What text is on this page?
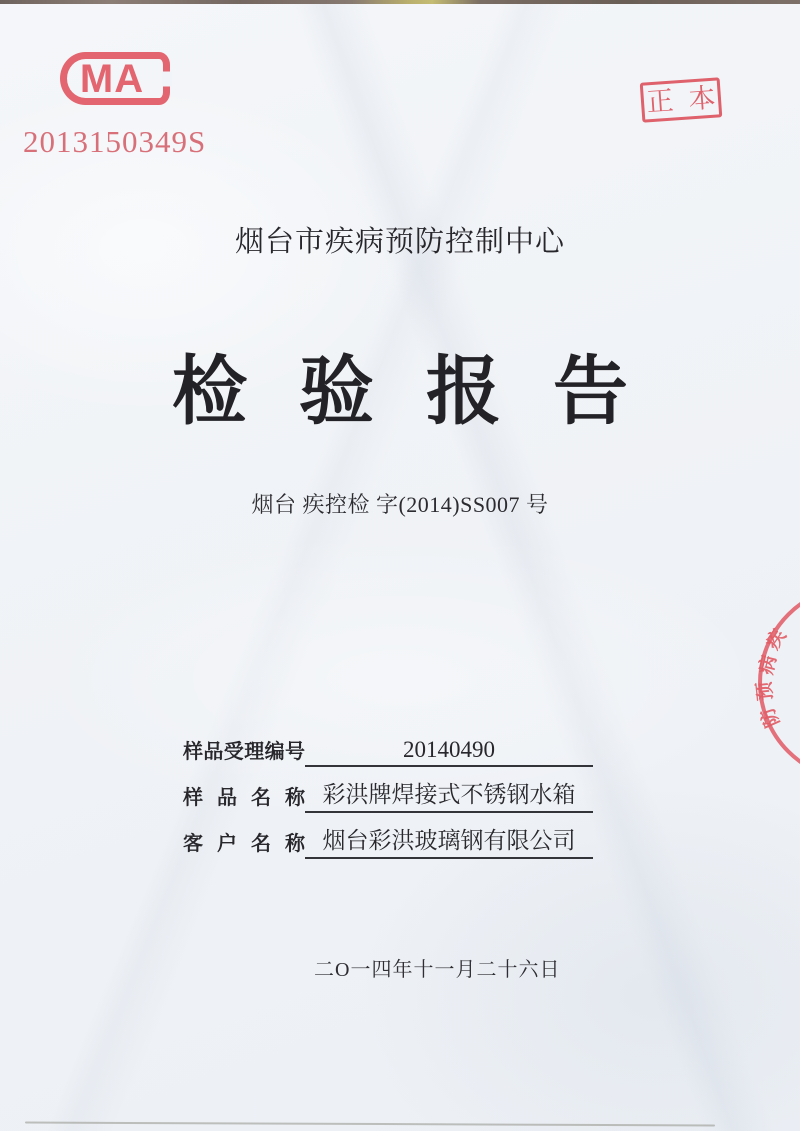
MA
2013150349S
正本
烟台市疾病预防控制中心
检验报告
烟台 疾控检 字(2014)SS007 号
样品受理编号	20140490
样品名称 彩洪牌焊接式不锈钢水箱
客户名称 烟台彩洪玻璃钢有限公司
二O一四年十一月二十六日
疾
病
预
防
